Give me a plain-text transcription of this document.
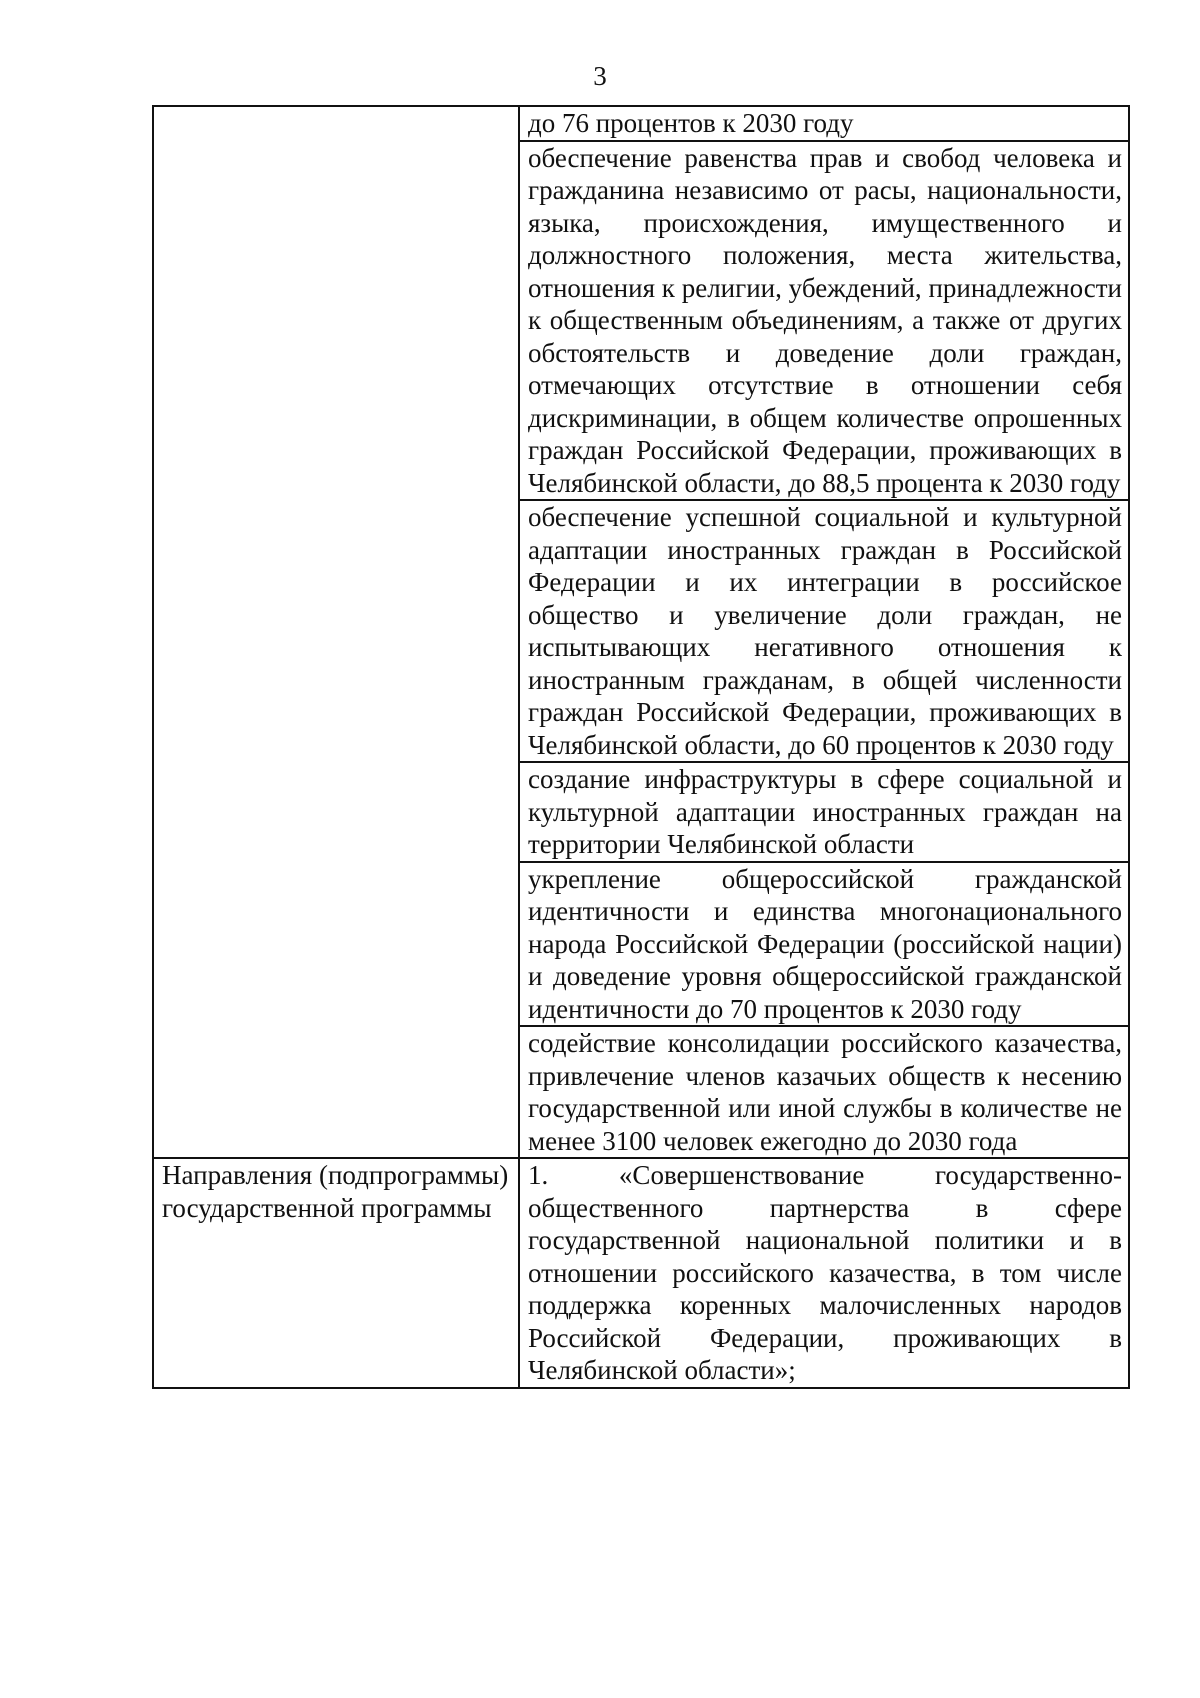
3

	до 76 процентов к 2030 году

	обеспечение равенства прав и свобод человека и гражданина независимо от расы, национальности, языка, происхождения, имущественного и должностного положения, места жительства, отношения к религии, убеждений, принадлежности к общественным объединениям, а также от других обстоятельств и доведение доли граждан, отмечающих отсутствие в отношении себя дискриминации, в общем количестве опрошенных граждан Российской Федерации, проживающих в Челябинской области, до 88,5 процента к 2030 году

	обеспечение успешной социальной и культурной адаптации иностранных граждан в Российской Федерации и их интеграции в российское общество и увеличение доли граждан, не испытывающих негативного отношения к иностранным гражданам, в общей численности граждан Российской Федерации, проживающих в Челябинской области, до 60 процентов к 2030 году

	создание инфраструктуры в сфере социальной и культурной адаптации иностранных граждан на территории Челябинской области

	укрепление общероссийской гражданской идентичности и единства многонационального народа Российской Федерации (российской нации) и доведение уровня общероссийской гражданской идентичности до 70 процентов к 2030 году

	содействие консолидации российского казачества, привлечение членов казачьих обществ к несению государственной или иной службы в количестве не менее 3100 человек ежегодно до 2030 года

Направления (подпрограммы) государственной программы	1. «Совершенствование государственно-общественного партнерства в сфере государственной национальной политики и в отношении российского казачества, в том числе поддержка коренных малочисленных народов Российской Федерации, проживающих в Челябинской области»;
